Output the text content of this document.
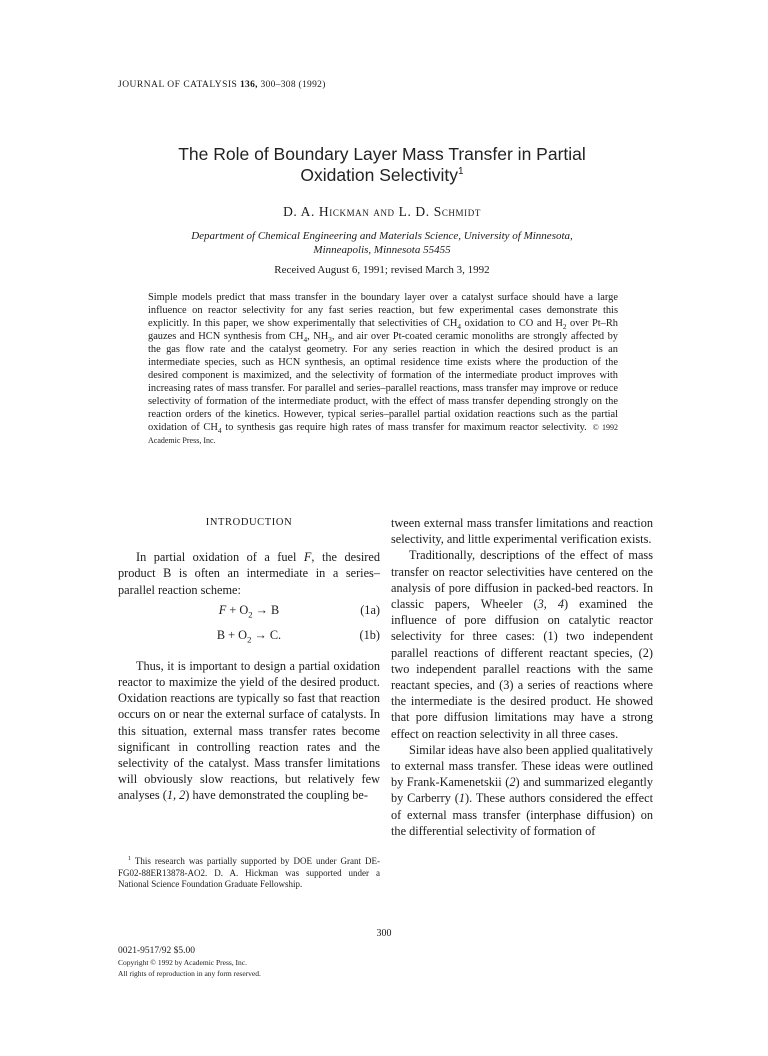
JOURNAL OF CATALYSIS 136, 300–308 (1992)
The Role of Boundary Layer Mass Transfer in Partial
Oxidation Selectivity$^1$
D. A. Hickman and L. D. Schmidt
Department of Chemical Engineering and Materials Science, University of Minnesota,
Minneapolis, Minnesota 55455
Received August 6, 1991; revised March 3, 1992
Simple models predict that mass transfer in the boundary layer over a catalyst surface should have a large influence on reactor selectivity for any fast series reaction, but few experimental cases demonstrate this explicitly. In this paper, we show experimentally that selectivities of $CH_4$ oxidation to CO and $H_2$ over Pt–Rh gauzes and HCN synthesis from $CH_4$, $NH_3$, and air over Pt-coated ceramic monoliths are strongly affected by the gas flow rate and the catalyst geometry. For any series reaction in which the desired product is an intermediate species, such as HCN synthesis, an optimal residence time exists where the production of the desired component is maximized, and the selectivity of formation of the intermediate product improves with increasing rates of mass transfer. For parallel and series–parallel reactions, mass transfer may improve or reduce selectivity of formation of the intermediate product, with the effect of mass transfer depending strongly on the reaction orders of the kinetics. However, typical series–parallel partial oxidation reactions such as the partial oxidation of $CH_4$ to synthesis gas require high rates of mass transfer for maximum reactor selectivity. © 1992 Academic Press, Inc.

INTRODUCTION

In partial oxidation of a fuel F, the desired product B is often an intermediate in a series–parallel reaction scheme:

$F + O_2 \to B$	(1a)
$B + O_2 \to C$.	(1b)

Thus, it is important to design a partial oxidation reactor to maximize the yield of the desired product. Oxidation reactions are typically so fast that reaction occurs on or near the external surface of catalysts. In this situation, external mass transfer rates become significant in controlling reaction rates and the selectivity of the catalyst. Mass transfer limitations will obviously slow reactions, but relatively few analyses (1, 2) have demonstrated the coupling be-

tween external mass transfer limitations and reaction selectivity, and little experimental verification exists.

Traditionally, descriptions of the effect of mass transfer on reactor selectivities have centered on the analysis of pore diffusion in packed-bed reactors. In classic papers, Wheeler (3, 4) examined the influence of pore diffusion on catalytic reactor selectivity for three cases: (1) two independent parallel reactions of different reactant species, (2) two independent parallel reactions with the same reactant species, and (3) a series of reactions where the intermediate is the desired product. He showed that pore diffusion limitations may have a strong effect on reaction selectivity in all three cases.

Similar ideas have also been applied qualitatively to external mass transfer. These ideas were outlined by Frank-Kamenetskii (2) and summarized elegantly by Carberry (1). These authors considered the effect of external mass transfer (interphase diffusion) on the differential selectivity of formation of

$^1$ This research was partially supported by DOE under Grant DE-FG02-88ER13878-AO2. D. A. Hickman was supported under a National Science Foundation Graduate Fellowship.

300
0021-9517/92 $5.00
Copyright © 1992 by Academic Press, Inc.
All rights of reproduction in any form reserved.
